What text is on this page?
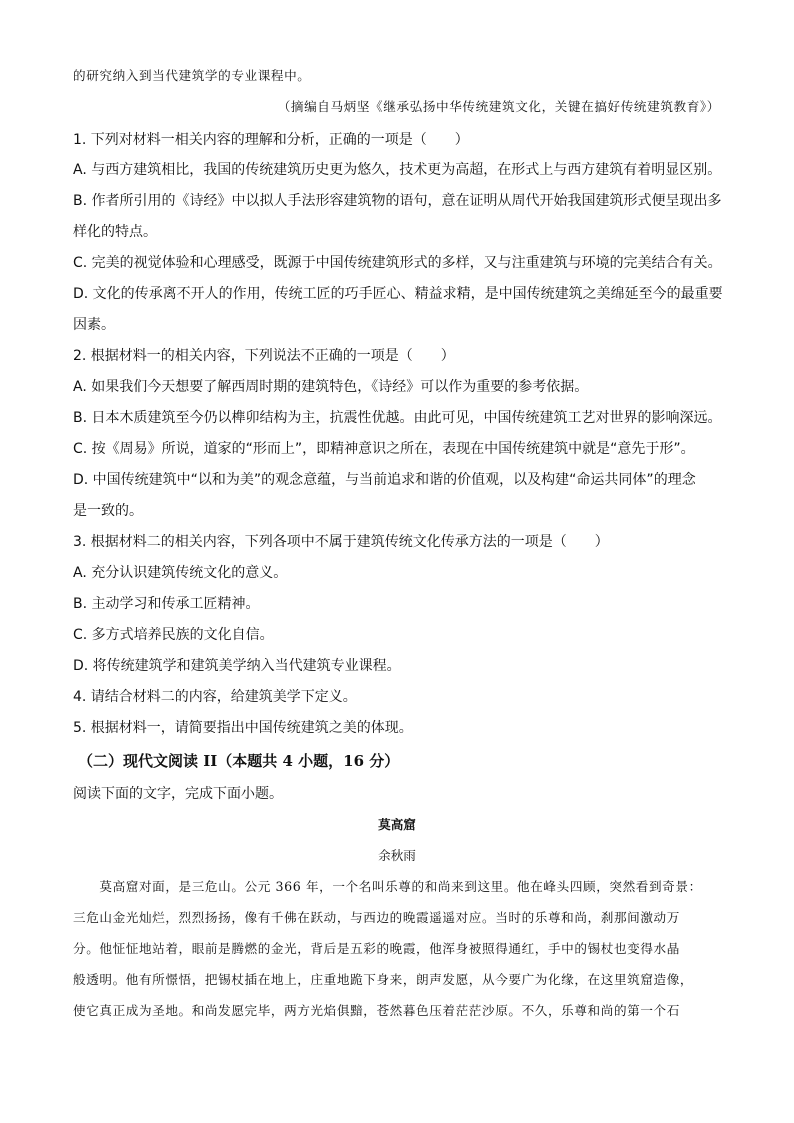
的研究纳入到当代建筑学的专业课程中。
（摘编自马炳坚《继承弘扬中华传统建筑文化，关键在搞好传统建筑教育》）
1. 下列对材料一相关内容的理解和分析，正确的一项是（　　）
A. 与西方建筑相比，我国的传统建筑历史更为悠久，技术更为高超，在形式上与西方建筑有着明显区别。
B. 作者所引用的《诗经》中以拟人手法形容建筑物的语句，意在证明从周代开始我国建筑形式便呈现出多
样化的特点。
C. 完美的视觉体验和心理感受，既源于中国传统建筑形式的多样，又与注重建筑与环境的完美结合有关。
D. 文化的传承离不开人的作用，传统工匠的巧手匠心、精益求精，是中国传统建筑之美绵延至今的最重要
因素。
2. 根据材料一的相关内容，下列说法不正确的一项是（　　）
A. 如果我们今天想要了解西周时期的建筑特色，《诗经》可以作为重要的参考依据。
B. 日本木质建筑至今仍以榫卯结构为主，抗震性优越。由此可见，中国传统建筑工艺对世界的影响深远。
C. 按《周易》所说，道家的“形而上”，即精神意识之所在，表现在中国传统建筑中就是“意先于形”。
D. 中国传统建筑中“以和为美”的观念意蕴，与当前追求和谐的价值观，以及构建“命运共同体”的理念
是一致的。
3. 根据材料二的相关内容，下列各项中不属于建筑传统文化传承方法的一项是（　　）
A. 充分认识建筑传统文化的意义。
B. 主动学习和传承工匠精神。
C. 多方式培养民族的文化自信。
D. 将传统建筑学和建筑美学纳入当代建筑专业课程。
4. 请结合材料二的内容，给建筑美学下定义。
5. 根据材料一，请简要指出中国传统建筑之美的体现。
（二）现代文阅读 II（本题共 4 小题，16 分）
阅读下面的文字，完成下面小题。
莫高窟
余秋雨
　　莫高窟对面，是三危山。公元 366 年，一个名叫乐尊的和尚来到这里。他在峰头四顾，突然看到奇景：
三危山金光灿烂，烈烈扬扬，像有千佛在跃动，与西边的晚霞遥遥对应。当时的乐尊和尚，刹那间激动万
分。他怔怔地站着，眼前是腾燃的金光，背后是五彩的晚霞，他浑身被照得通红，手中的锡杖也变得水晶
般透明。他有所憬悟，把锡杖插在地上，庄重地跪下身来，朗声发愿，从今要广为化缘，在这里筑窟造像，
使它真正成为圣地。和尚发愿完毕，两方光焰俱黯，苍然暮色压着茫茫沙原。不久，乐尊和尚的第一个石
